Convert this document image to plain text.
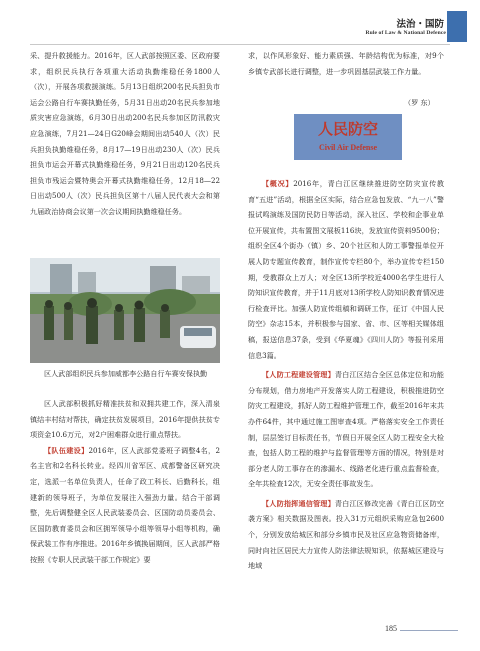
法治・国防
Rule of Law & National Defence

采、提升救援能力。2016年，区人武部按照区委、区政府要求，组织民兵执行各项重大活动执勤维稳任务1800人（次），开展各项救援演练。5月13日组织200名民兵担负市运会公路自行车赛执勤任务，5月31日出动20名民兵参加地质灾害应急演练，6月30日出动200名民兵参加区防汛救灾应急演练，7月21—24日G20峰会期间出动540人（次）民兵担负执勤维稳任务，8月17—19日出动230人（次）民兵担负市运会开幕式执勤维稳任务，9月21日出动120名民兵担负市残运会暨特奥会开幕式执勤维稳任务，12月18—22日出动500人（次）民兵担负区第十八届人民代表大会和第九届政治协商会议第一次会议期间执勤维稳任务。

区人武部组织民兵参加威都李公路自行车赛安保执勤

区人武部积极抓好精准扶贫和双拥共建工作，深入清泉镇结丰村结对帮扶，确定扶贫发展项目，2016年提供扶贫专项资金10.6万元，对2户困难群众进行重点帮扶。

【队伍建设】2016年，区人武部党委班子调整4名，2名主官和2名科长转业。经四川省军区、成都警备区研究决定，选派一名单位负责人，任命了政工科长、后勤科长，组建新的领导班子，为单位发展注入强劲力量。结合干部调整，先后调整健全区人民武装委员会、区国防动员委员会、区国防教育委员会和区拥军领导小组等领导小组等机构，确保武装工作有序推进。2016年乡镇换届期间，区人武部严格按照《专职人民武装干部工作规定》要

求，以作风形象好、能力素质强、年龄结构优为标准，对9个乡镇专武部长进行调整，进一步巩固基层武装工作力量。

（罗 东）
人民防空
Civil Air Defense

【概况】2016年，青白江区继续推进防空防灾宣传教育“五进”活动，根据全区实际，结合应急包发放、“九一八”警报试鸣演练及国防民防日等活动，深入社区、学校和企事业单位开展宣传，共布置图文展板116块，发放宣传资料9500份；组织全区4个街办（镇）乡、20个社区和人防工事警报单位开展人防专题宣传教育，制作宣传专栏80个，举办宣传专栏150期，受教群众上万人；对全区13所学校近4000名学生进行人防知识宣传教育，并于11月底对13所学校人防知识教育情况进行检查评比。加强人防宣传组稿和调研工作，征订《中国人民防空》杂志15本，并积极参与国家、省、市、区等相关媒体组稿，报送信息37条，受到《华夏魂》《四川人防》等报刊采用信息3篇。

【人防工程建设管理】青白江区结合全区总体定位和功能分布规划，借力房地产开发落实人防工程建设，积极推进防空防灾工程建设，抓好人防工程维护管理工作，截至2016年末共办件64件，其中通过施工图审查4项。严格落实安全工作责任制，层层签订目标责任书，节假日开展全区人防工程安全大检查，包括人防工程的维护与监督管理等方面的情况，特别是对部分老人防工事存在的渗漏水、线路老化进行重点监督检查，全年共检查12次，无安全责任事故发生。

【人防指挥通信管理】青白江区修改完善《青白江区防空袭方案》相关数据及图表。投入31万元组织采购应急包2600个，分别发放给城区和部分乡镇市民及社区应急物资储备库，同时向社区居民大力宣传人防法律法规知识，依据城区建设与地域

185
